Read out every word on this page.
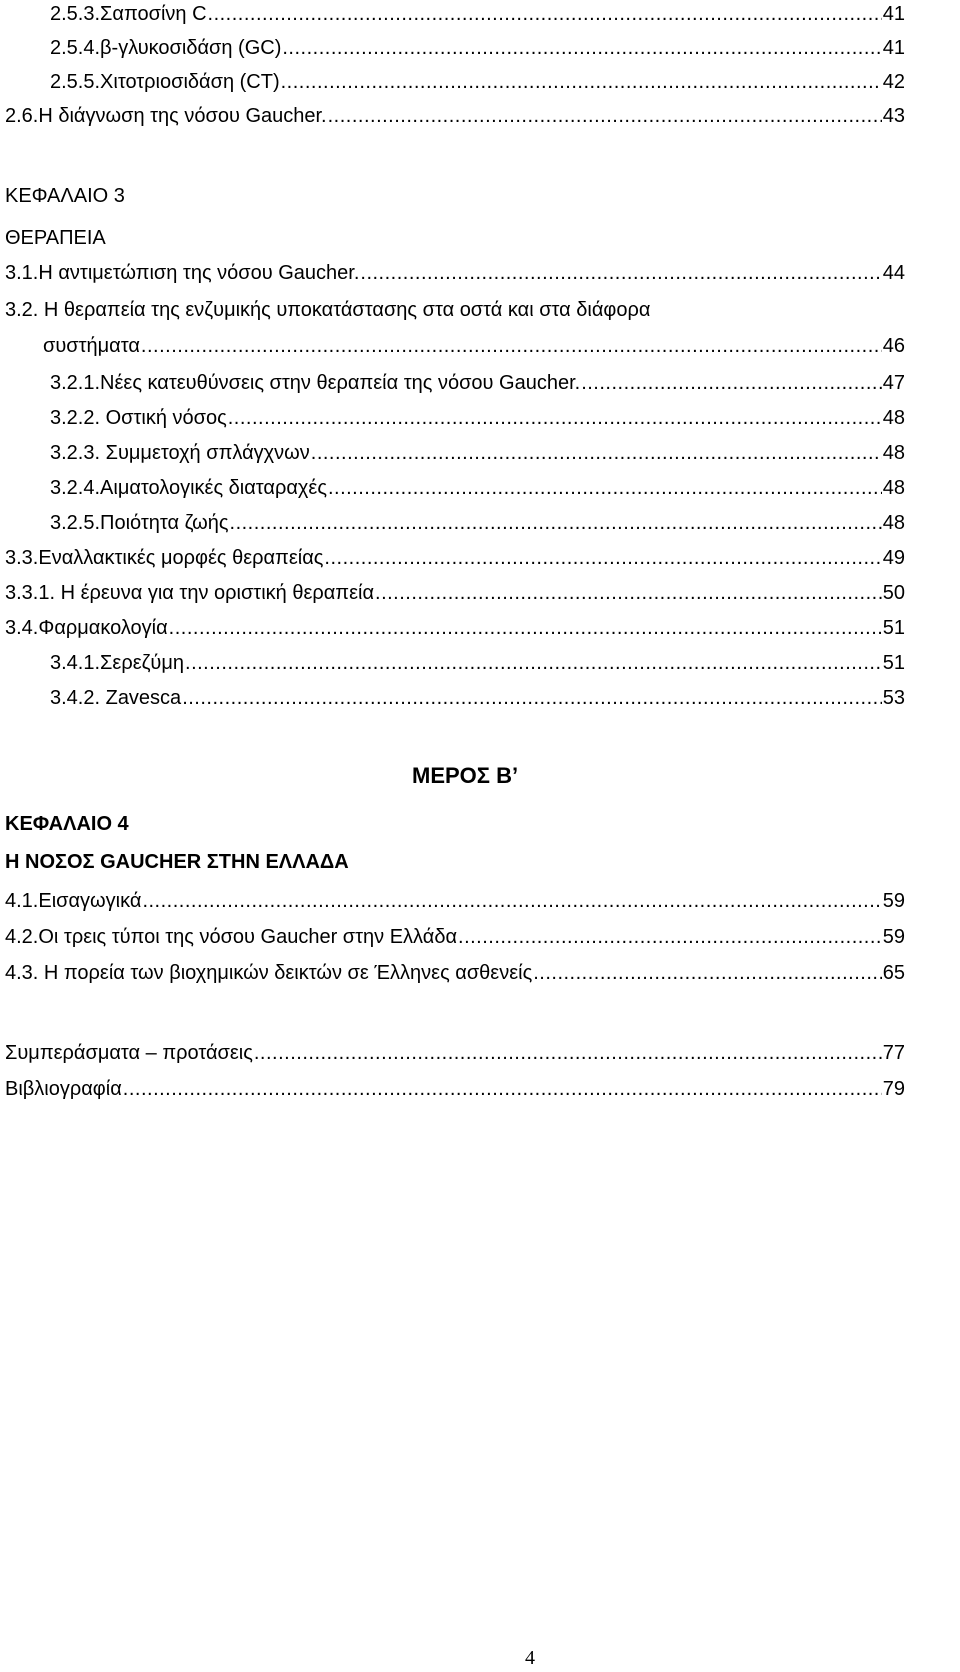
2.5.3.Σαποσίνη C .....	41
2.5.4.β-γλυκοσιδάση (GC) .....	41
2.5.5.Χιτοτριοσιδάση (CT) .....	42
2.6.Η διάγνωση της νόσου Gaucher. .....	43
ΚΕΦΑΛΑΙΟ 3
ΘΕΡΑΠΕΙΑ
3.1.Η αντιμετώπιση της νόσου Gaucher. .....	44
3.2. Η θεραπεία της ενζυμικής υποκατάστασης στα οστά και στα διάφορα
συστήματα .....	46
3.2.1.Νέες κατευθύνσεις στην θεραπεία της νόσου Gaucher. .....	47
3.2.2. Οστική νόσος .....	48
3.2.3. Συμμετοχή σπλάγχνων .....	48
3.2.4.Αιματολογικές διαταραχές .....	48
3.2.5.Ποιότητα ζωής .....	48
3.3.Εναλλακτικές μορφές θεραπείας .....	49
3.3.1. Η έρευνα για την οριστική θεραπεία .....	50
3.4.Φαρμακολογία .....	51
3.4.1.Σερεζύμη .....	51
3.4.2. Zavesca .....	53
ΜΕΡΟΣ Β’
ΚΕΦΑΛΑΙΟ 4
Η ΝΟΣΟΣ GAUCHER ΣΤΗΝ ΕΛΛΑΔΑ
4.1.Εισαγωγικά .....	59
4.2.Οι τρεις τύποι της νόσου Gaucher στην Ελλάδα .....	59
4.3. Η πορεία των βιοχημικών δεικτών σε Έλληνες ασθενείς .....	65
Συμπεράσματα – προτάσεις .....	77
Βιβλιογραφία .....	79
4
